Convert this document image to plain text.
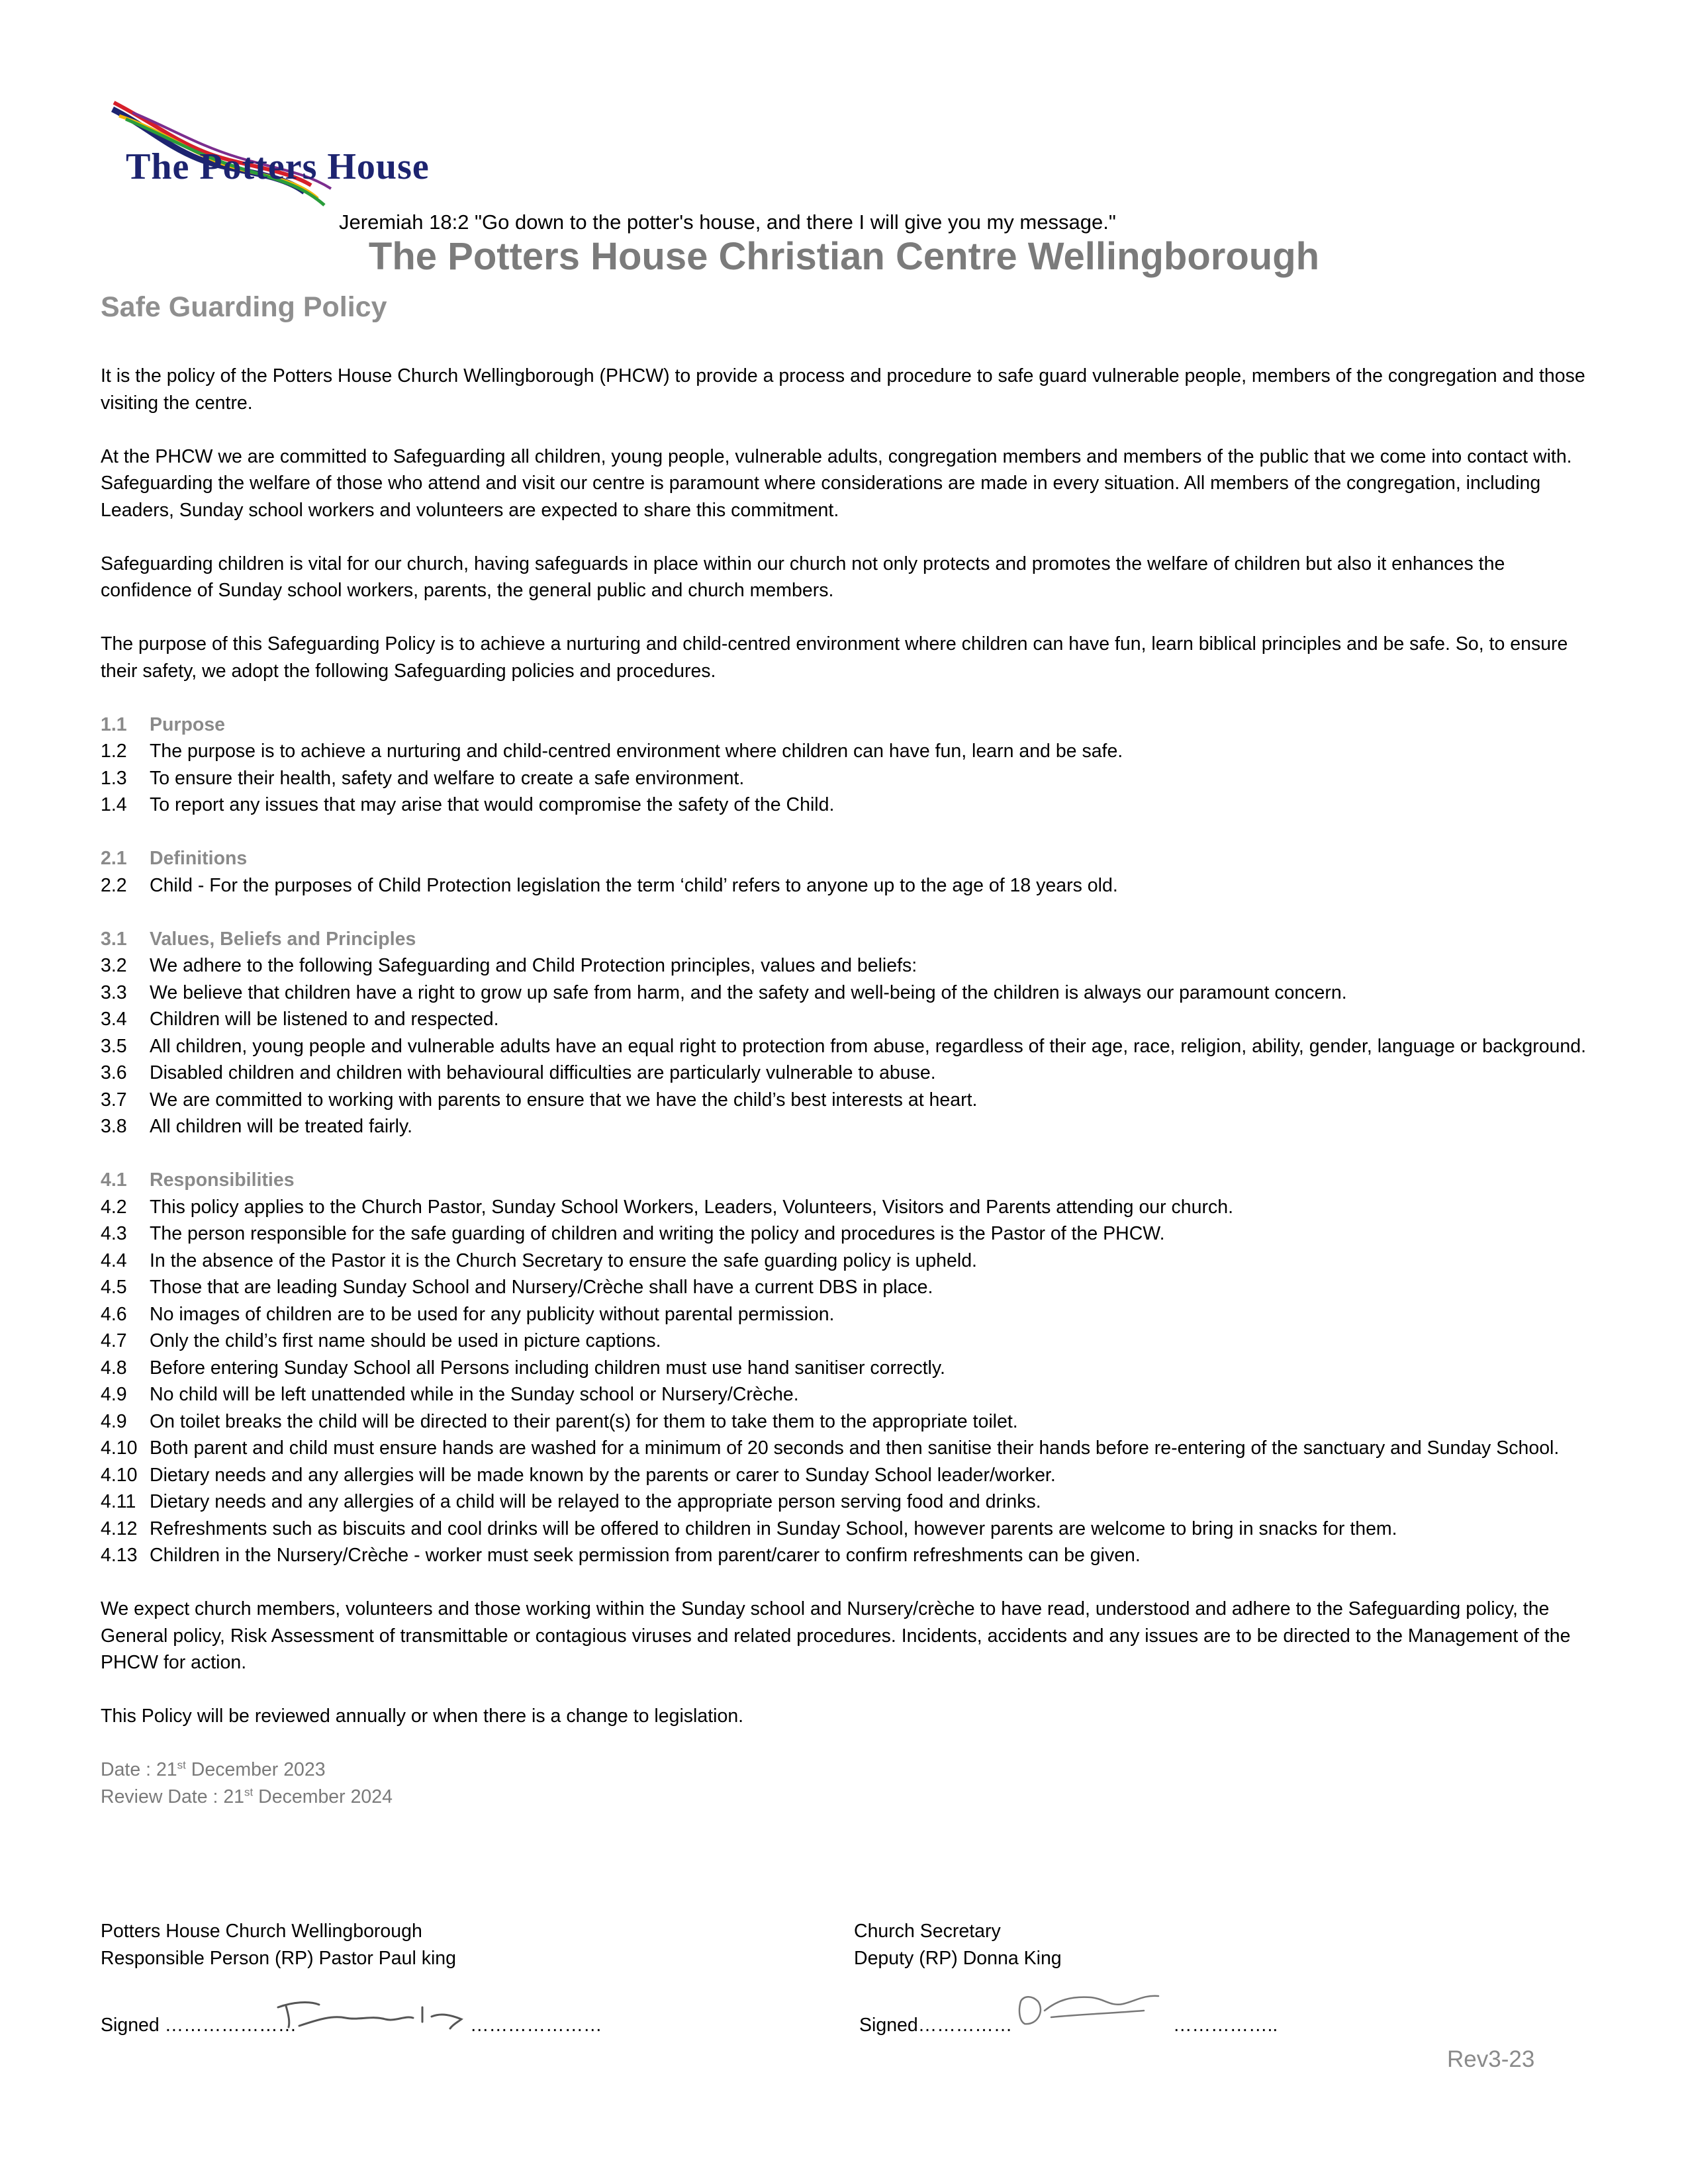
The Potters House
Jeremiah 18:2 "Go down to the potter's house, and there I will give you my message."
The Potters House Christian Centre Wellingborough
Safe Guarding Policy

It is the policy of the Potters House Church Wellingborough (PHCW) to provide a process and procedure to safe guard vulnerable people, members of the congregation and those visiting the centre.

At the PHCW we are committed to Safeguarding all children, young people, vulnerable adults, congregation members and members of the public that we come into contact with. Safeguarding the welfare of those who attend and visit our centre is paramount where considerations are made in every situation. All members of the congregation, including Leaders, Sunday school workers and volunteers are expected to share this commitment.

Safeguarding children is vital for our church, having safeguards in place within our church not only protects and promotes the welfare of children but also it enhances the confidence of Sunday school workers, parents, the general public and church members.

The purpose of this Safeguarding Policy is to achieve a nurturing and child-centred environment where children can have fun, learn biblical principles and be safe. So, to ensure their safety, we adopt the following Safeguarding policies and procedures.

1.1	Purpose
1.2	The purpose is to achieve a nurturing and child-centred environment where children can have fun, learn and be safe.
1.3	To ensure their health, safety and welfare to create a safe environment.
1.4	To report any issues that may arise that would compromise the safety of the Child.
2.1	Definitions
2.2	Child - For the purposes of Child Protection legislation the term ‘child’ refers to anyone up to the age of 18 years old.
3.1	Values, Beliefs and Principles
3.2	We adhere to the following Safeguarding and Child Protection principles, values and beliefs:
3.3	We believe that children have a right to grow up safe from harm, and the safety and well-being of the children is always our paramount concern.
3.4	Children will be listened to and respected.
3.5	All children, young people and vulnerable adults have an equal right to protection from abuse, regardless of their age, race, religion, ability, gender, language or background.
3.6	Disabled children and children with behavioural difficulties are particularly vulnerable to abuse.
3.7	We are committed to working with parents to ensure that we have the child’s best interests at heart.
3.8	All children will be treated fairly.
4.1	Responsibilities
4.2	This policy applies to the Church Pastor, Sunday School Workers, Leaders, Volunteers, Visitors and Parents attending our church.
4.3	The person responsible for the safe guarding of children and writing the policy and procedures is the Pastor of the PHCW.
4.4	In the absence of the Pastor it is the Church Secretary to ensure the safe guarding policy is upheld.
4.5	Those that are leading Sunday School and Nursery/Crèche shall have a current DBS in place.
4.6	No images of children are to be used for any publicity without parental permission.
4.7	Only the child’s first name should be used in picture captions.
4.8	Before entering Sunday School all Persons including children must use hand sanitiser correctly.
4.9	No child will be left unattended while in the Sunday school or Nursery/Crèche.
4.9	On toilet breaks the child will be directed to their parent(s) for them to take them to the appropriate toilet.
4.10 Both parent and child must ensure hands are washed for a minimum of 20 seconds and then sanitise their hands before re-entering of the sanctuary and Sunday School.
4.10 Dietary needs and any allergies will be made known by the parents or carer to Sunday School leader/worker.
4.11 Dietary needs and any allergies of a child will be relayed to the appropriate person serving food and drinks.
4.12 Refreshments such as biscuits and cool drinks will be offered to children in Sunday School, however parents are welcome to bring in snacks for them.
4.13 Children in the Nursery/Crèche - worker must seek permission from parent/carer to confirm refreshments can be given.

We expect church members, volunteers and those working within the Sunday school and Nursery/crèche to have read, understood and adhere to the Safeguarding policy, the General policy, Risk Assessment of transmittable or contagious viruses and related procedures. Incidents, accidents and any issues are to be directed to the Management of the PHCW for action.

This Policy will be reviewed annually or when there is a change to legislation.

Date : 21st December 2023
Review Date : 21st December 2024
Potters House Church Wellingborough
Responsible Person (RP) Pastor Paul king
Church Secretary
Deputy (RP) Donna King
Signed …………………	…………………	Signed……………	……………..
Rev3-23
